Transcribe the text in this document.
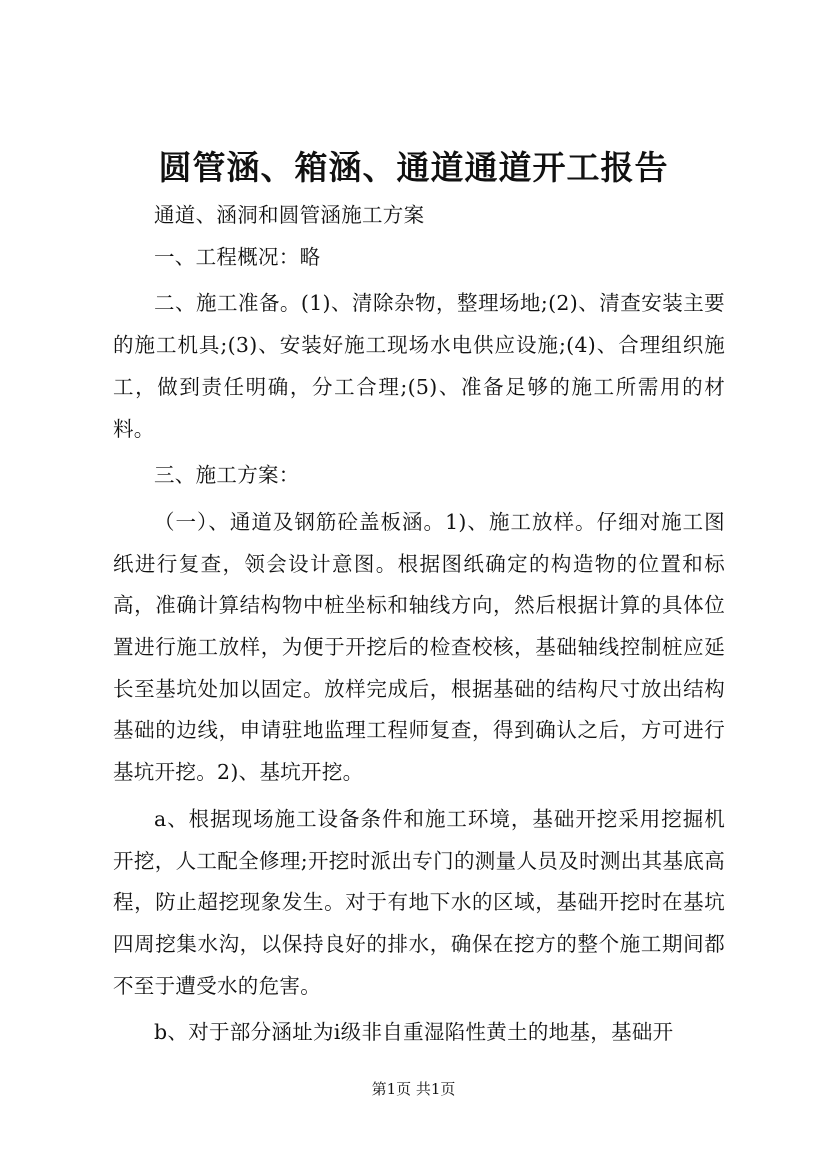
圆管涵、箱涵、通道通道开工报告

通道、涵洞和圆管涵施工方案

一、工程概况：略

二、施工准备。(1)、清除杂物，整理场地;(2)、清查安装主要的施工机具;(3)、安装好施工现场水电供应设施;(4)、合理组织施工，做到责任明确，分工合理;(5)、准备足够的施工所需用的材料。

三、施工方案：

（一）、通道及钢筋砼盖板涵。1)、施工放样。仔细对施工图纸进行复查，领会设计意图。根据图纸确定的构造物的位置和标高，准确计算结构物中桩坐标和轴线方向，然后根据计算的具体位置进行施工放样，为便于开挖后的检查校核，基础轴线控制桩应延长至基坑处加以固定。放样完成后，根据基础的结构尺寸放出结构基础的边线，申请驻地监理工程师复查，得到确认之后，方可进行基坑开挖。2)、基坑开挖。

a、根据现场施工设备条件和施工环境，基础开挖采用挖掘机开挖，人工配全修理;开挖时派出专门的测量人员及时测出其基底高程，防止超挖现象发生。对于有地下水的区域，基础开挖时在基坑四周挖集水沟，以保持良好的排水，确保在挖方的整个施工期间都不至于遭受水的危害。

b、对于部分涵址为ⅰ级非自重湿陷性黄土的地基，基础开

第1页 共1页
